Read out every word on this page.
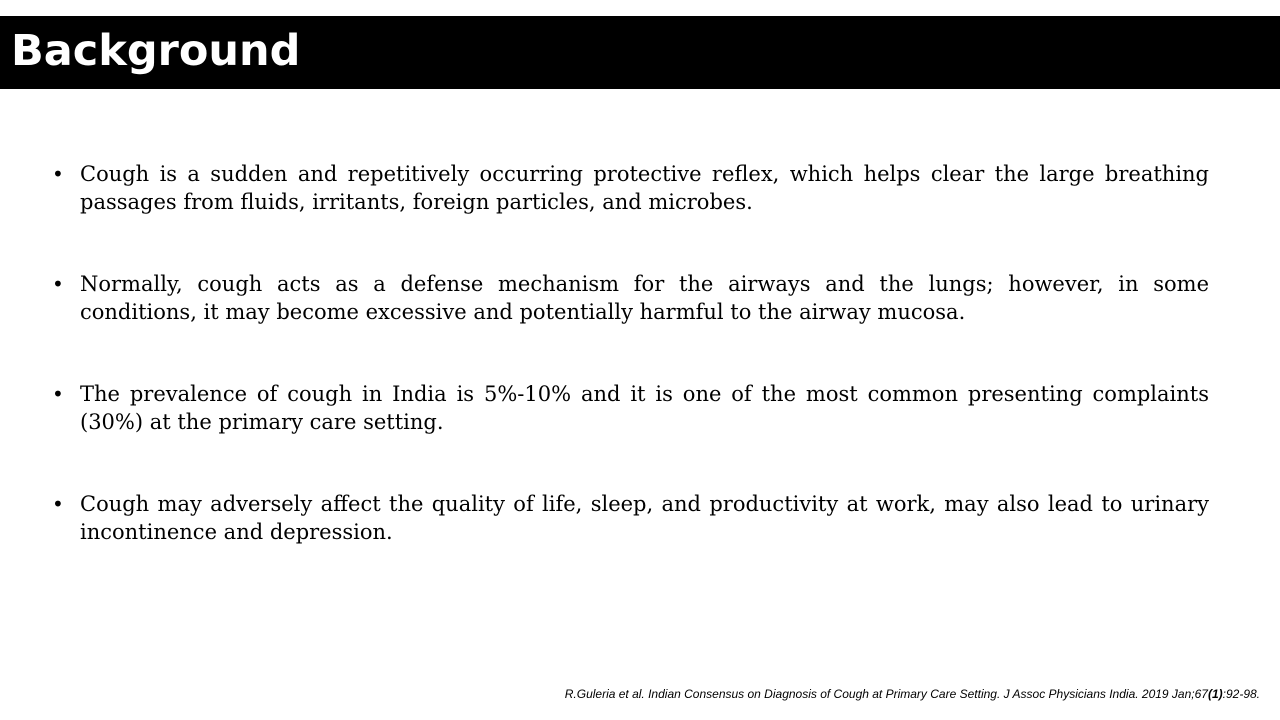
Background
• Cough is a sudden and repetitively occurring protective reflex, which helps clear the large breathing passages from fluids, irritants, foreign particles, and microbes.
• Normally, cough acts as a defense mechanism for the airways and the lungs; however, in some conditions, it may become excessive and potentially harmful to the airway mucosa.
• The prevalence of cough in India is 5%-10% and it is one of the most common presenting complaints (30%) at the primary care setting.
• Cough may adversely affect the quality of life, sleep, and productivity at work, may also lead to urinary incontinence and depression.
R.Guleria et al. Indian Consensus on Diagnosis of Cough at Primary Care Setting. J Assoc Physicians India. 2019 Jan;67(1):92-98.
